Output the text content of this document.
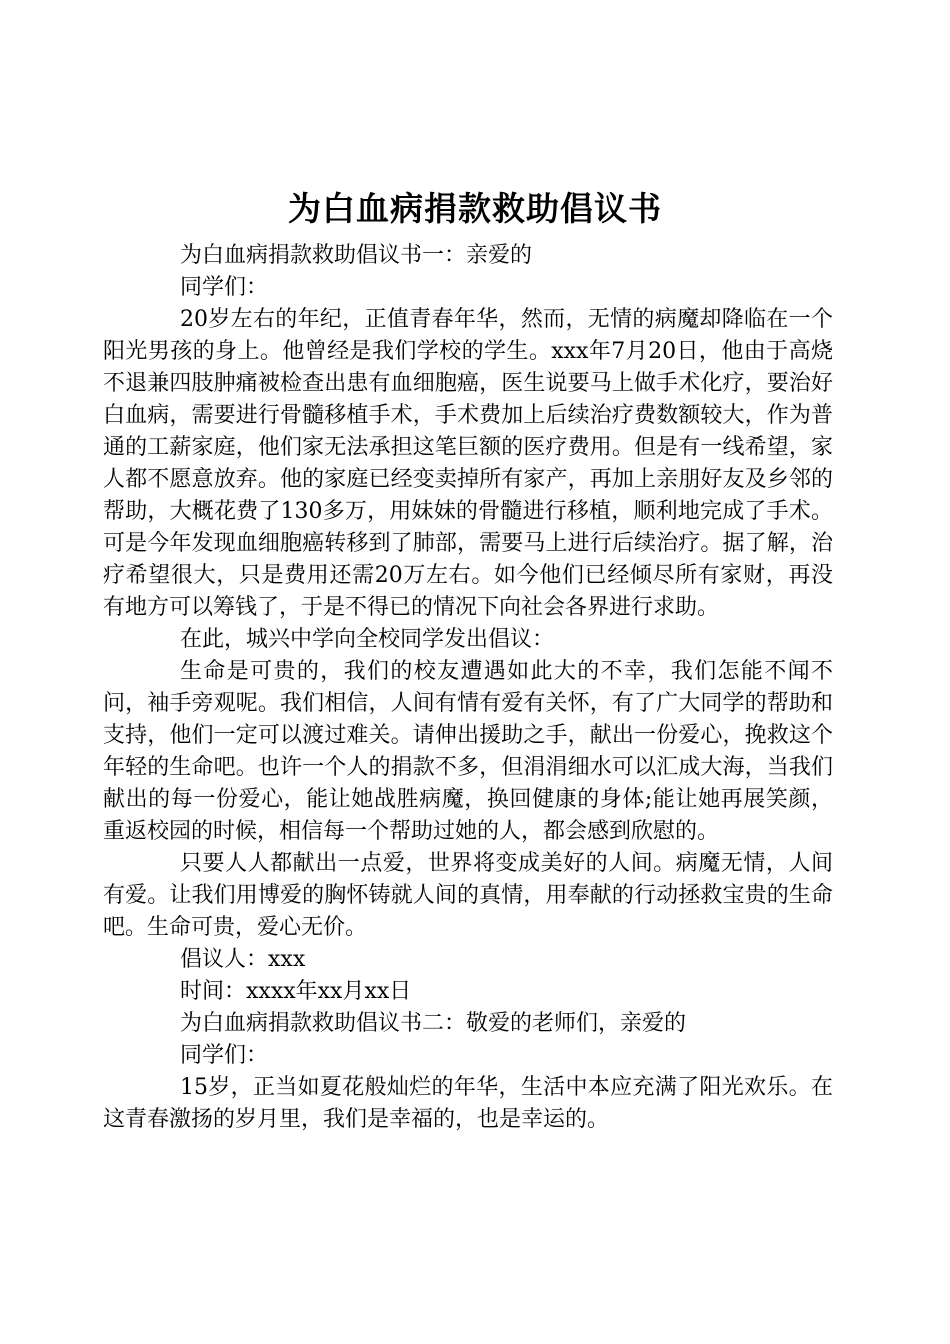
为白血病捐款救助倡议书

为白血病捐款救助倡议书一：亲爱的

同学们：

20岁左右的年纪，正值青春年华，然而，无情的病魔却降临在一个阳光男孩的身上。他曾经是我们学校的学生。xxx年7月20日，他由于高烧不退兼四肢肿痛被检查出患有血细胞癌，医生说要马上做手术化疗，要治好白血病，需要进行骨髓移植手术，手术费加上后续治疗费数额较大，作为普通的工薪家庭，他们家无法承担这笔巨额的医疗费用。但是有一线希望，家人都不愿意放弃。他的家庭已经变卖掉所有家产，再加上亲朋好友及乡邻的帮助，大概花费了130多万，用妹妹的骨髓进行移植，顺利地完成了手术。可是今年发现血细胞癌转移到了肺部，需要马上进行后续治疗。据了解，治疗希望很大，只是费用还需20万左右。如今他们已经倾尽所有家财，再没有地方可以筹钱了，于是不得已的情况下向社会各界进行求助。

在此，城兴中学向全校同学发出倡议：

生命是可贵的，我们的校友遭遇如此大的不幸，我们怎能不闻不问，袖手旁观呢。我们相信，人间有情有爱有关怀，有了广大同学的帮助和支持，他们一定可以渡过难关。请伸出援助之手，献出一份爱心，挽救这个年轻的生命吧。也许一个人的捐款不多，但涓涓细水可以汇成大海，当我们献出的每一份爱心，能让她战胜病魔，换回健康的身体;能让她再展笑颜，重返校园的时候，相信每一个帮助过她的人，都会感到欣慰的。

只要人人都献出一点爱，世界将变成美好的人间。病魔无情，人间有爱。让我们用博爱的胸怀铸就人间的真情，用奉献的行动拯救宝贵的生命吧。生命可贵，爱心无价。

倡议人：xxx

时间：xxxx年xx月xx日

为白血病捐款救助倡议书二：敬爱的老师们，亲爱的

同学们：

15岁，正当如夏花般灿烂的年华，生活中本应充满了阳光欢乐。在这青春激扬的岁月里，我们是幸福的，也是幸运的。
